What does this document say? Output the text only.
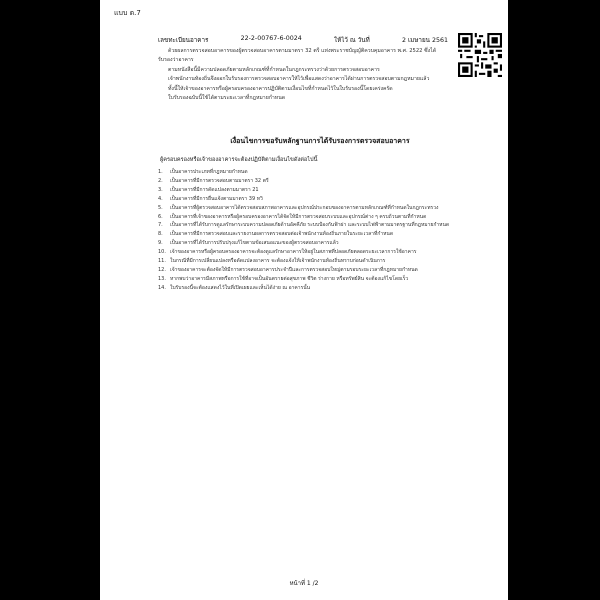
แบบ ต.7
เลขทะเบียนอาคาร	22-2-00767-6-0024	ให้ไว้ ณ วันที่	2 เมษายน 2561

ด้วยผลการตรวจสอบอาคารของผู้ตรวจสอบอาคารตามมาตรา 32 ตรี แห่งพระราชบัญญัติควบคุมอาคาร พ.ศ. 2522 ซึ่งได้รับรองว่าอาคาร

ตามหนังสือนี้มีความปลอดภัยตามหลักเกณฑ์ที่กำหนดในกฎกระทรวงว่าด้วยการตรวจสอบอาคาร

เจ้าพนักงานท้องถิ่นจึงออกใบรับรองการตรวจสอบอาคารให้ไว้เพื่อแสดงว่าอาคารได้ผ่านการตรวจสอบตามกฎหมายแล้ว

ทั้งนี้ให้เจ้าของอาคารหรือผู้ครอบครองอาคารปฏิบัติตามเงื่อนไขที่กำหนดไว้ในใบรับรองนี้โดยเคร่งครัด

ใบรับรองฉบับนี้ใช้ได้ตามระยะเวลาที่กฎหมายกำหนด

เงื่อนไขการขอรับหลักฐานการได้รับรองการตรวจสอบอาคาร
ผู้ครอบครองหรือเจ้าของอาคารจะต้องปฏิบัติตามเงื่อนไขดังต่อไปนี้
1.	เป็นอาคารประเภทที่กฎหมายกำหนด
2.	เป็นอาคารที่มีการตรวจสอบตามมาตรา 32 ตรี
3.	เป็นอาคารที่มีการดัดแปลงตามมาตรา 21
4.	เป็นอาคารที่มีการยื่นแจ้งตามมาตรา 39 ทวิ
5.	เป็นอาคารที่ผู้ตรวจสอบอาคารได้ตรวจสอบสภาพอาคารและอุปกรณ์ประกอบของอาคารตามหลักเกณฑ์ที่กำหนดในกฎกระทรวง
6.	เป็นอาคารที่เจ้าของอาคารหรือผู้ครอบครองอาคารได้จัดให้มีการตรวจสอบระบบและอุปกรณ์ต่าง ๆ ครบถ้วนตามที่กำหนด
7.	เป็นอาคารที่ได้รับการดูแลรักษาระบบความปลอดภัยด้านอัคคีภัย ระบบป้องกันฟ้าผ่า และระบบไฟฟ้าตามมาตรฐานที่กฎหมายกำหนด
8.	เป็นอาคารที่มีการตรวจสอบและรายงานผลการตรวจสอบต่อเจ้าพนักงานท้องถิ่นภายในระยะเวลาที่กำหนด
9.	เป็นอาคารที่ได้รับการปรับปรุงแก้ไขตามข้อเสนอแนะของผู้ตรวจสอบอาคารแล้ว
10. เจ้าของอาคารหรือผู้ครอบครองอาคารจะต้องดูแลรักษาอาคารให้อยู่ในสภาพที่ปลอดภัยตลอดระยะเวลาการใช้อาคาร
11. ในกรณีที่มีการเปลี่ยนแปลงหรือดัดแปลงอาคาร จะต้องแจ้งให้เจ้าพนักงานท้องถิ่นทราบก่อนดำเนินการ
12. เจ้าของอาคารจะต้องจัดให้มีการตรวจสอบอาคารประจำปีและการตรวจสอบใหญ่ตามรอบระยะเวลาที่กฎหมายกำหนด
13. หากพบว่าอาคารมีสภาพหรือการใช้ที่อาจเป็นอันตรายต่อสุขภาพ ชีวิต ร่างกาย หรือทรัพย์สิน จะต้องแก้ไขโดยเร็ว
14. ใบรับรองนี้จะต้องแสดงไว้ในที่เปิดเผยและเห็นได้ง่าย ณ อาคารนั้น
หน้าที่ 1 /2
